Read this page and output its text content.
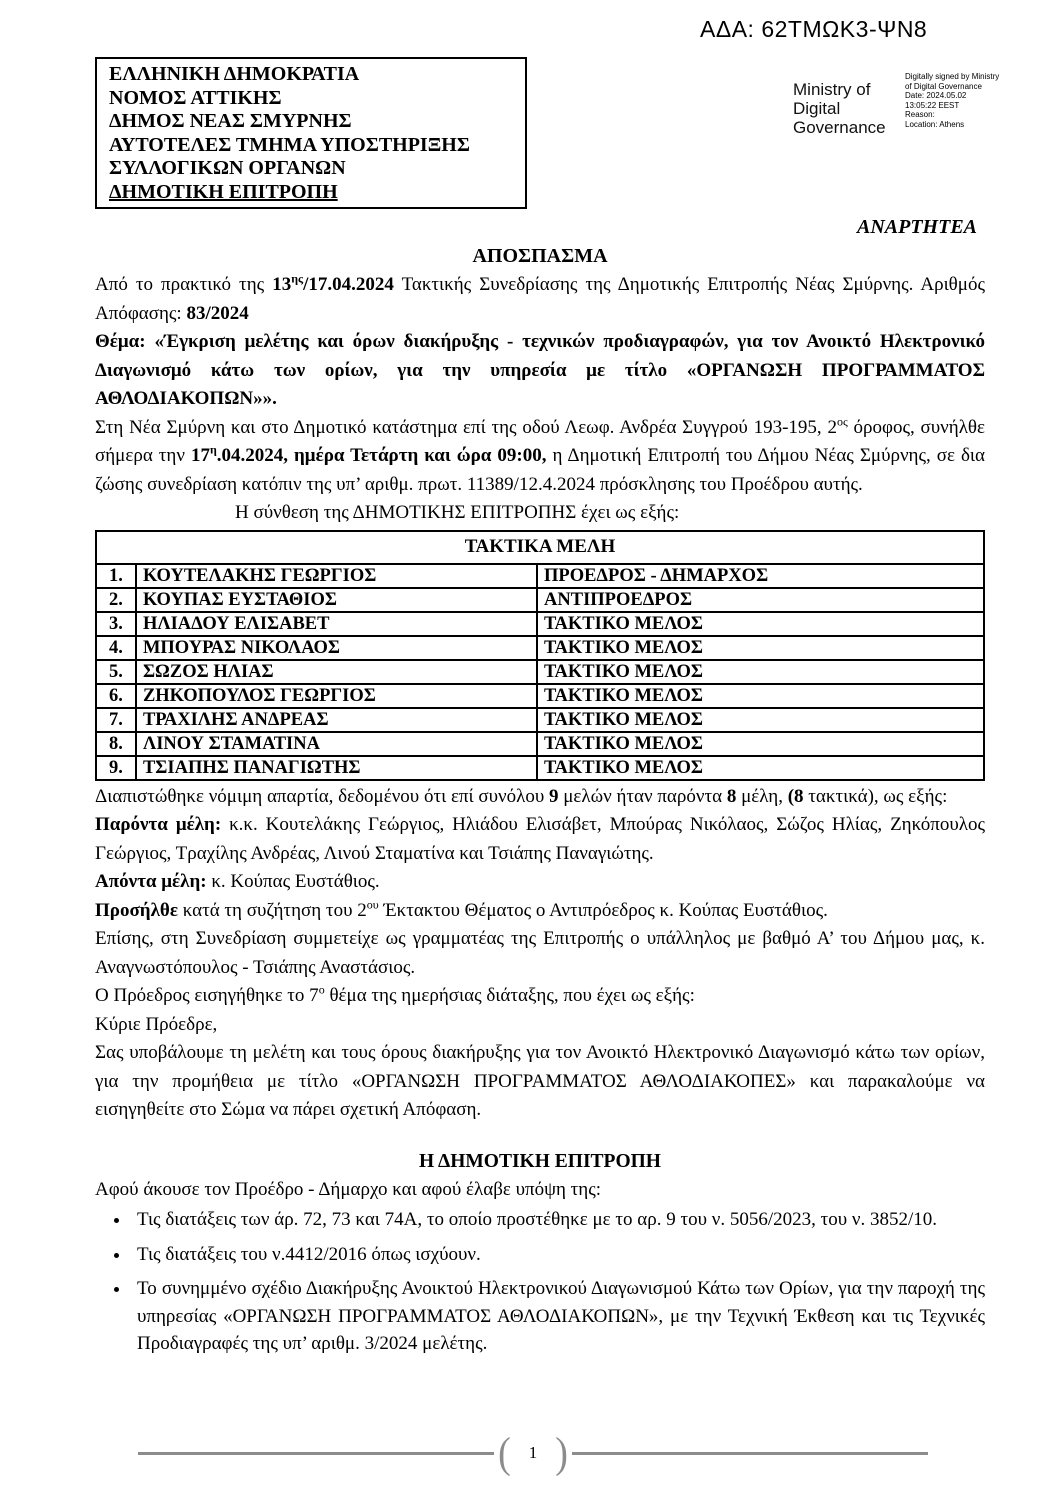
ΑΔΑ: 62ΤΜΩΚ3-ΨΝ8
ΕΛΛΗΝΙΚΗ ΔΗΜΟΚΡΑΤΙΑ
ΝΟΜΟΣ ΑΤΤΙΚΗΣ
ΔΗΜΟΣ ΝΕΑΣ ΣΜΥΡΝΗΣ
ΑΥΤΟΤΕΛΕΣ ΤΜΗΜΑ ΥΠΟΣΤΗΡΙΞΗΣ
ΣΥΛΛΟΓΙΚΩΝ ΟΡΓΑΝΩΝ
ΔΗΜΟΤΙΚΗ ΕΠΙΤΡΟΠΗ
Ministry of
Digital
Governance
Digitally signed by Ministry
of Digital Governance
Date: 2024.05.02
13:05:22 EEST
Reason:
Location: Athens
ΑΝΑΡΤΗΤΕΑ
ΑΠΟΣΠΑΣΜΑ

Από το πρακτικό της $13^{\eta\varsigma}/17.04.2024$ Τακτικής Συνεδρίασης της Δημοτικής Επιτροπής Νέας Σμύρνης. Αριθμός Απόφασης: 83/2024

Θέμα: «Έγκριση μελέτης και όρων διακήρυξης - τεχνικών προδιαγραφών, για τον Ανοικτό Ηλεκτρονικό Διαγωνισμό κάτω των ορίων, για την υπηρεσία με τίτλο «ΟΡΓΑΝΩΣΗ ΠΡΟΓΡΑΜΜΑΤΟΣ ΑΘΛΟΔΙΑΚΟΠΩΝ»».

Στη Νέα Σμύρνη και στο Δημοτικό κατάστημα επί της οδού Λεωφ. Ανδρέα Συγγρού 193-195, $2^{o\varsigma}$ όροφος, συνήλθε σήμερα την $17^\eta.04.2024$, ημέρα Τετάρτη και ώρα 09:00, η Δημοτική Επιτροπή του Δήμου Νέας Σμύρνης, σε δια ζώσης συνεδρίαση κατόπιν της υπ’ αριθμ. πρωτ. 11389/12.4.2024 πρόσκλησης του Προέδρου αυτής.

Η σύνθεση της ΔΗΜΟΤΙΚΗΣ ΕΠΙΤΡΟΠΗΣ έχει ως εξής:

ΤΑΚΤΙΚΑ ΜΕΛΗ		
1.	ΚΟΥΤΕΛΑΚΗΣ ΓΕΩΡΓΙΟΣ	ΠΡΟΕΔΡΟΣ - ΔΗΜΑΡΧΟΣ
2.	ΚΟΥΠΑΣ ΕΥΣΤΑΘΙΟΣ	ΑΝΤΙΠΡΟΕΔΡΟΣ
3.	ΗΛΙΑΔΟΥ ΕΛΙΣΑΒΕΤ	ΤΑΚΤΙΚΟ ΜΕΛΟΣ
4.	ΜΠΟΥΡΑΣ ΝΙΚΟΛΑΟΣ	ΤΑΚΤΙΚΟ ΜΕΛΟΣ
5.	ΣΩΖΟΣ ΗΛΙΑΣ	ΤΑΚΤΙΚΟ ΜΕΛΟΣ
6.	ΖΗΚΟΠΟΥΛΟΣ ΓΕΩΡΓΙΟΣ	ΤΑΚΤΙΚΟ ΜΕΛΟΣ
7.	ΤΡΑΧΙΛΗΣ ΑΝΔΡΕΑΣ	ΤΑΚΤΙΚΟ ΜΕΛΟΣ
8.	ΛΙΝΟΥ ΣΤΑΜΑΤΙΝΑ	ΤΑΚΤΙΚΟ ΜΕΛΟΣ
9.	ΤΣΙΑΠΗΣ ΠΑΝΑΓΙΩΤΗΣ	ΤΑΚΤΙΚΟ ΜΕΛΟΣ

Διαπιστώθηκε νόμιμη απαρτία, δεδομένου ότι επί συνόλου 9 μελών ήταν παρόντα 8 μέλη, (8 τακτικά), ως εξής:

Παρόντα μέλη: κ.κ. Κουτελάκης Γεώργιος, Ηλιάδου Ελισάβετ, Μπούρας Νικόλαος, Σώζος Ηλίας, Ζηκόπουλος Γεώργιος, Τραχίλης Ανδρέας, Λινού Σταματίνα και Τσιάπης Παναγιώτης.

Απόντα μέλη: κ. Κούπας Ευστάθιος.

Προσήλθε κατά τη συζήτηση του $2^{o\upsilon}$ Έκτακτου Θέματος ο Αντιπρόεδρος κ. Κούπας Ευστάθιος.

Επίσης, στη Συνεδρίαση συμμετείχε ως γραμματέας της Επιτροπής ο υπάλληλος με βαθμό Α’ του Δήμου μας, κ. Αναγνωστόπουλος - Τσιάπης Αναστάσιος.

Ο Πρόεδρος εισηγήθηκε το $7^o$ θέμα της ημερήσιας διάταξης, που έχει ως εξής:

Κύριε Πρόεδρε,

Σας υποβάλουμε τη μελέτη και τους όρους διακήρυξης για τον Ανοικτό Ηλεκτρονικό Διαγωνισμό κάτω των ορίων, για την προμήθεια με τίτλο «ΟΡΓΑΝΩΣΗ ΠΡΟΓΡΑΜΜΑΤΟΣ ΑΘΛΟΔΙΑΚΟΠΕΣ» και παρακαλούμε να εισηγηθείτε στο Σώμα να πάρει σχετική Απόφαση.

Η ΔΗΜΟΤΙΚΗ ΕΠΙΤΡΟΠΗ

Αφού άκουσε τον Προέδρο - Δήμαρχο και αφού έλαβε υπόψη της:

• Τις διατάξεις των άρ. 72, 73 και 74Α, το οποίο προστέθηκε με το αρ. 9 του ν. 5056/2023, του ν. 3852/10.
• Τις διατάξεις του ν.4412/2016 όπως ισχύουν.
• Το συνημμένο σχέδιο Διακήρυξης Ανοικτού Ηλεκτρονικού Διαγωνισμού Κάτω των Ορίων, για την παροχή της υπηρεσίας «ΟΡΓΑΝΩΣΗ ΠΡΟΓΡΑΜΜΑΤΟΣ ΑΘΛΟΔΙΑΚΟΠΩΝ», με την Τεχνική Έκθεση και τις Τεχνικές Προδιαγραφές της υπ’ αριθμ. 3/2024 μελέτης.
( 1 )
